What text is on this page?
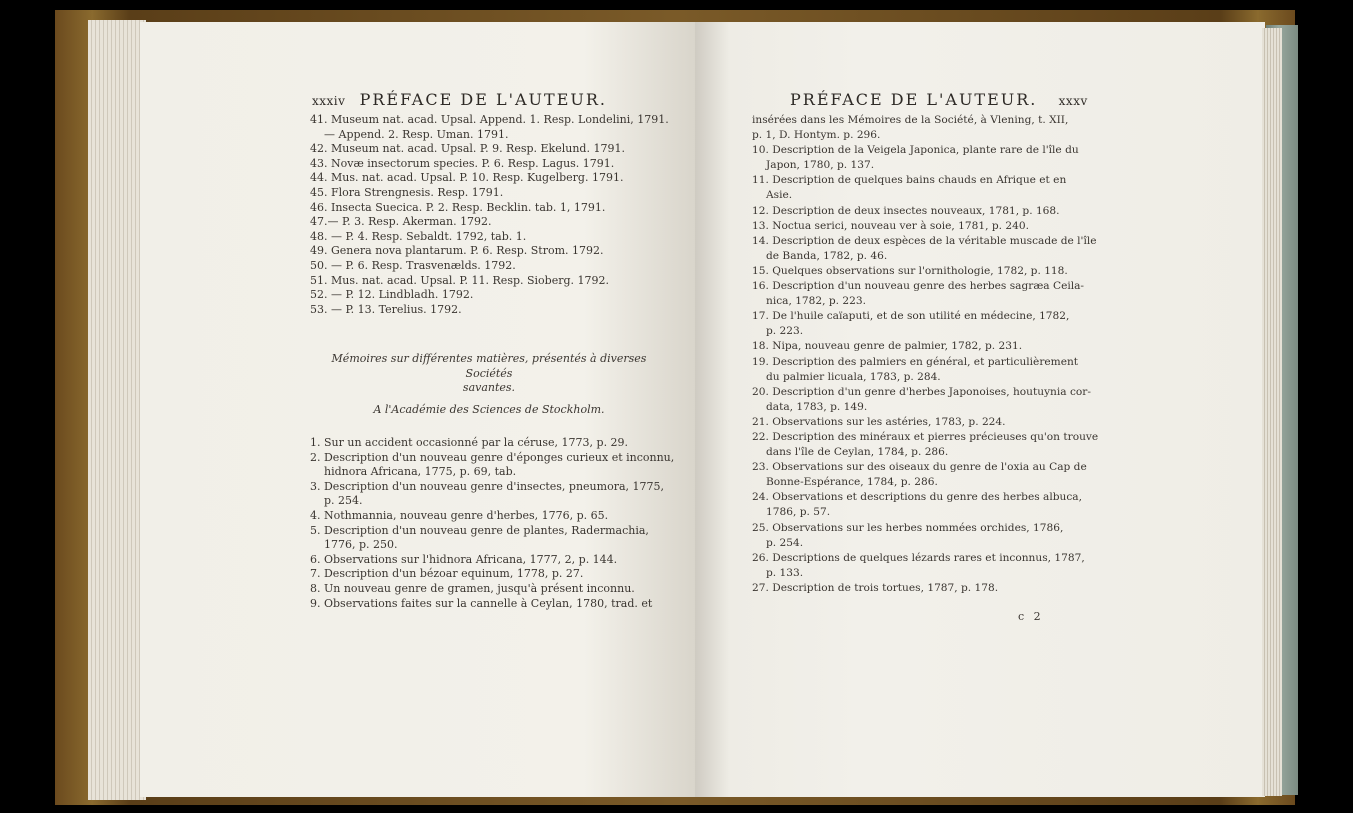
xxxiv PRÉFACE DE L'AUTEUR.
41. Museum nat. acad. Upsal. Append. 1. Resp. Londelini, 1791.
— Append. 2. Resp. Uman. 1791.
42. Museum nat. acad. Upsal. P. 9. Resp. Ekelund. 1791.
43. Novæ insectorum species. P. 6. Resp. Lagus. 1791.
44. Mus. nat. acad. Upsal. P. 10. Resp. Kugelberg. 1791.
45. Flora Strengnesis. Resp. 1791.
46. Insecta Suecica. P. 2. Resp. Becklin. tab. 1, 1791.
47.— P. 3. Resp. Akerman. 1792.
48. — P. 4. Resp. Sebaldt. 1792, tab. 1.
49. Genera nova plantarum. P. 6. Resp. Strom. 1792.
50. — P. 6. Resp. Trasvenælds. 1792.
51. Mus. nat. acad. Upsal. P. 11. Resp. Sioberg. 1792.
52. — P. 12. Lindbladh. 1792.
53. — P. 13. Terelius. 1792.
Mémoires sur différentes matières, présentés à diverses Sociétés
savantes.
A l'Académie des Sciences de Stockholm.
1. Sur un accident occasionné par la céruse, 1773, p. 29.
2. Description d'un nouveau genre d'éponges curieux et inconnu,
hidnora Africana, 1775, p. 69, tab.
3. Description d'un nouveau genre d'insectes, pneumora, 1775,
p. 254.
4. Nothmannia, nouveau genre d'herbes, 1776, p. 65.
5. Description d'un nouveau genre de plantes, Radermachia,
1776, p. 250.
6. Observations sur l'hidnora Africana, 1777, 2, p. 144.
7. Description d'un bézoar equinum, 1778, p. 27.
8. Un nouveau genre de gramen, jusqu'à présent inconnu.
9. Observations faites sur la cannelle à Ceylan, 1780, trad. et
PRÉFACE DE L'AUTEUR. xxxv
insérées dans les Mémoires de la Société, à Vlening, t. XII,
p. 1, D. Hontym. p. 296.
10. Description de la Veigela Japonica, plante rare de l'île du
Japon, 1780, p. 137.
11. Description de quelques bains chauds en Afrique et en
Asie.
12. Description de deux insectes nouveaux, 1781, p. 168.
13. Noctua serici, nouveau ver à soie, 1781, p. 240.
14. Description de deux espèces de la véritable muscade de l'île
de Banda, 1782, p. 46.
15. Quelques observations sur l'ornithologie, 1782, p. 118.
16. Description d'un nouveau genre des herbes sagræa Ceila-
nica, 1782, p. 223.
17. De l'huile caïaputi, et de son utilité en médecine, 1782,
p. 223.
18. Nipa, nouveau genre de palmier, 1782, p. 231.
19. Description des palmiers en général, et particulièrement
du palmier licuala, 1783, p. 284.
20. Description d'un genre d'herbes Japonoises, houtuynia cor-
data, 1783, p. 149.
21. Observations sur les astéries, 1783, p. 224.
22. Description des minéraux et pierres précieuses qu'on trouve
dans l'île de Ceylan, 1784, p. 286.
23. Observations sur des oiseaux du genre de l'oxia au Cap de
Bonne-Espérance, 1784, p. 286.
24. Observations et descriptions du genre des herbes albuca,
1786, p. 57.
25. Observations sur les herbes nommées orchides, 1786,
p. 254.
26. Descriptions de quelques lézards rares et inconnus, 1787,
p. 133.
27. Description de trois tortues, 1787, p. 178.
c 2
